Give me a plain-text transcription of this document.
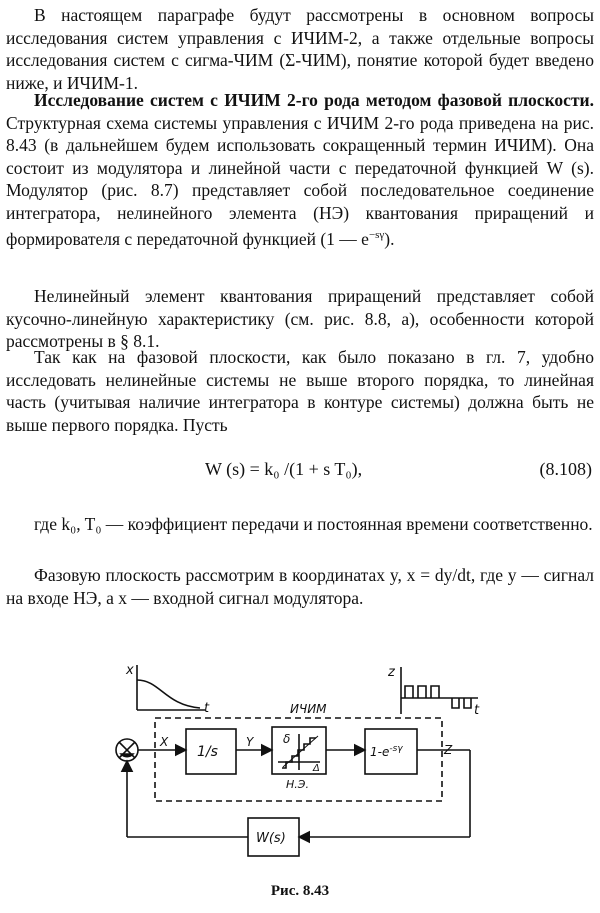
В настоящем параграфе будут рассмотрены в основном вопросы исследования систем управления с ИЧИМ-2, а также отдельные вопросы исследования систем с сигма-ЧИМ (Σ-ЧИМ), понятие которой будет введено ниже, и ИЧИМ-1.

Исследование систем с ИЧИМ 2-го рода методом фазовой плоскости. Структурная схема системы управления с ИЧИМ 2-го рода приведена на рис. 8.43 (в дальнейшем будем использовать сокращенный термин ИЧИМ). Она состоит из модулятора и линейной части с передаточной функцией W (s). Модулятор (рис. 8.7) представляет собой последовательное соединение интегратора, нелинейного элемента (НЭ) квантования приращений и формирователя с передаточной функцией (1 — $e^{-s\gamma}$).

Нелинейный элемент квантования приращений представляет собой кусочно-линейную характеристику (см. рис. 8.8, а), особенности которой рассмотрены в § 8.1.

Так как на фазовой плоскости, как было показано в гл. 7, удобно исследовать нелинейные системы не выше второго порядка, то линейная часть (учитывая наличие интегратора в контуре системы) должна быть не выше первого порядка. Пусть

W (s) = k₀ /(1 + s T₀),	(8.108)

где k₀, T₀ — коэффициент передачи и постоянная времени соответственно.

Фазовую плоскость рассмотрим в координатах y, x = dy/dt, где y — сигнал на входе НЭ, а x — входной сигнал модулятора.

x
t
z
t
ИЧИМ
X	Y
Z
1/s
δ
Δ
Н.Э.
$1-e^{-s\gamma}$
W(s)
Рис. 8.43
